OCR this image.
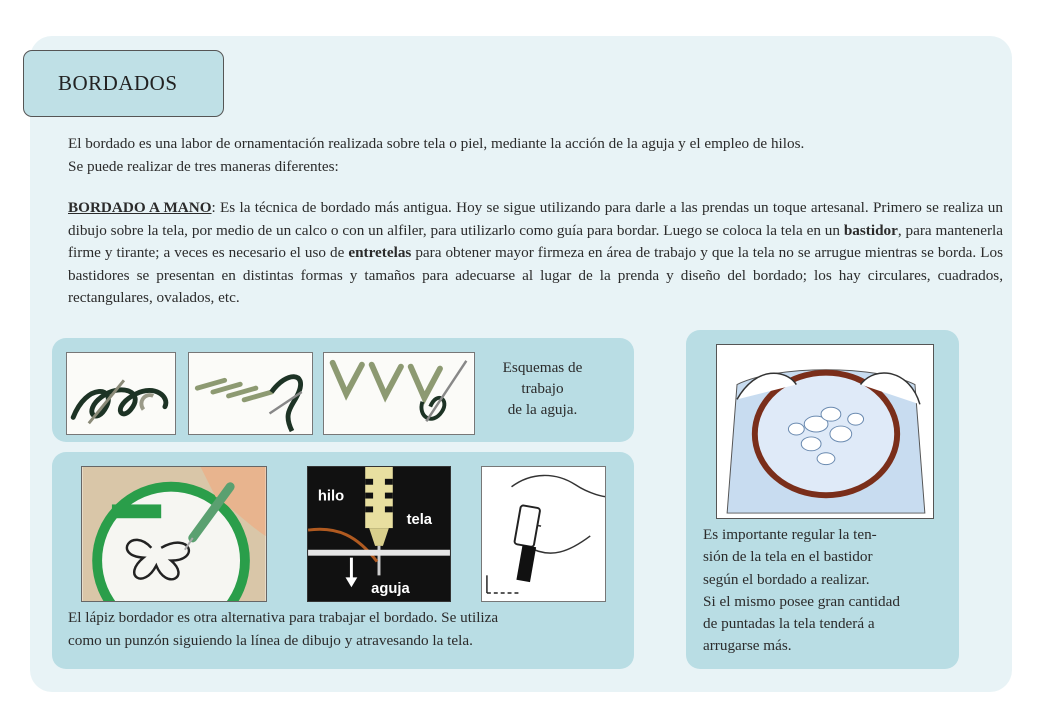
BORDADOS
El bordado es una labor de ornamentación realizada sobre tela o piel, mediante la acción de la aguja y el empleo de hilos.
Se puede realizar de tres maneras diferentes:
BORDADO A MANO: Es la técnica de bordado más antigua. Hoy se sigue utilizando para darle a las prendas un toque artesanal. Primero se realiza un dibujo sobre la tela, por medio de un calco o con un alfiler, para utilizarlo como guía para bordar. Luego se coloca la tela en un bastidor, para mantenerla firme y tirante; a veces es necesario el uso de entretelas para obtener mayor firmeza en área de trabajo y que la tela no se arrugue mientras se borda. Los bastidores se presentan en distintas formas y tamaños para adecuarse al lugar de la prenda y diseño del bordado; los hay circulares, cuadrados, rectangulares, ovalados, etc.
Esquemas de
trabajo
de la aguja.
hilo
tela
aguja
El lápiz bordador es otra alternativa para trabajar el bordado. Se utiliza
como un punzón siguiendo la línea de dibujo y atravesando la tela.
Es importante regular la ten-
sión de la tela en el bastidor
según el bordado a realizar.
Si el mismo posee gran cantidad
de puntadas la tela tenderá a
arrugarse más.
